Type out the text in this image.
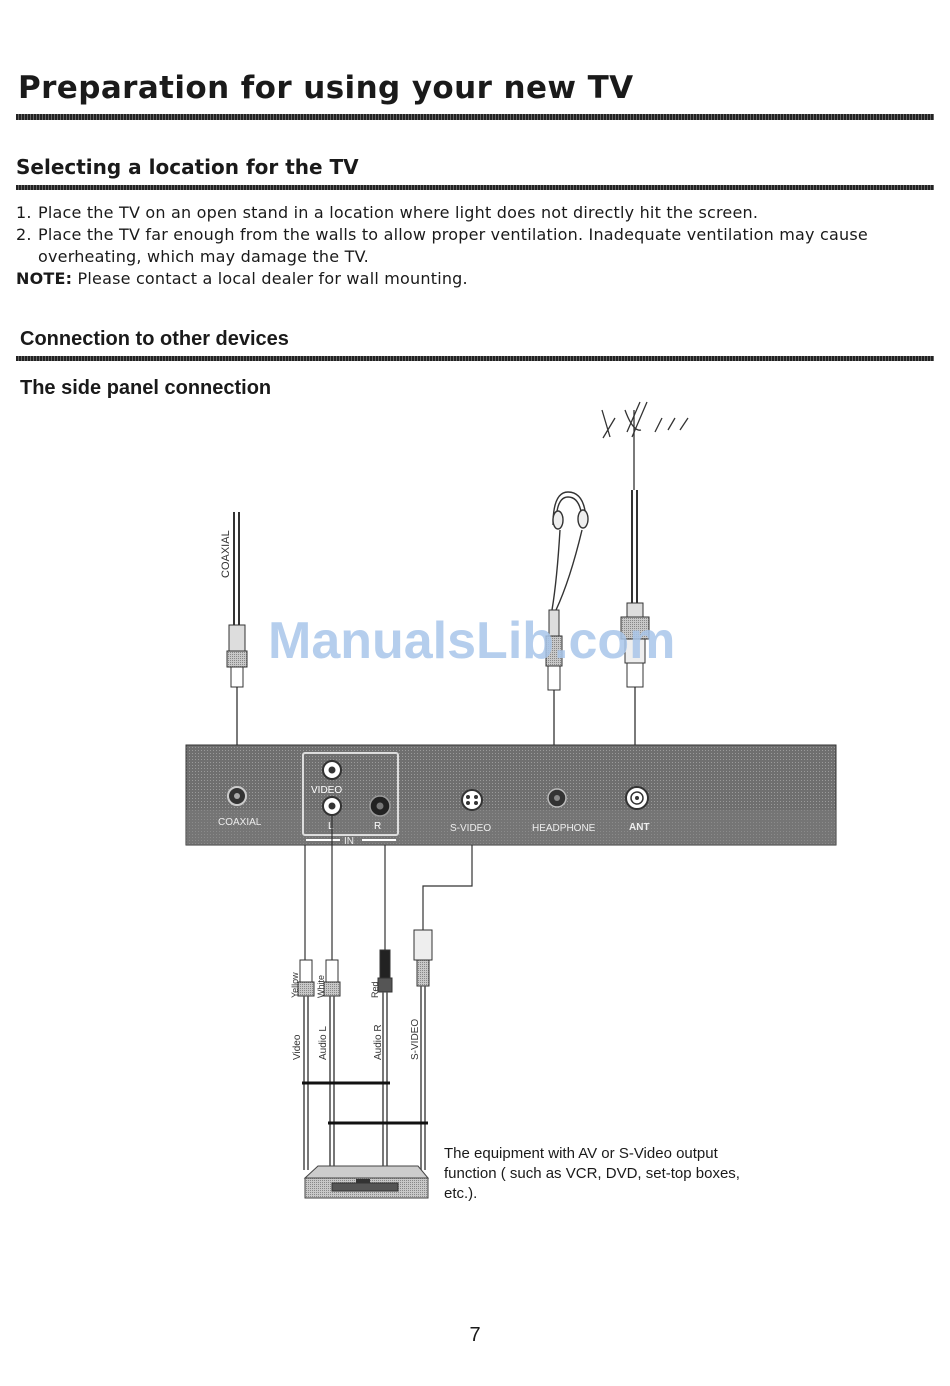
Preparation for using your new TV
Selecting a location for the TV
1. Place the TV on an open stand in a location where light does not directly hit the screen.
2. Place the TV far enough from the walls to allow proper ventilation. Inadequate ventilation may cause overheating, which may damage the TV.

NOTE: Please contact a local dealer for wall mounting.

Connection to other devices
The side panel connection
COAXIAL
COAXIAL
VIDEO
L	R
IN
S-VIDEO	HEADPHONE	ANT
Yellow White	Red
Video Audio L	Audio R	S-VIDEO
ManualsLib.com

The equipment with AV or S-Video output function ( such as VCR, DVD, set-top boxes, etc.).

7
